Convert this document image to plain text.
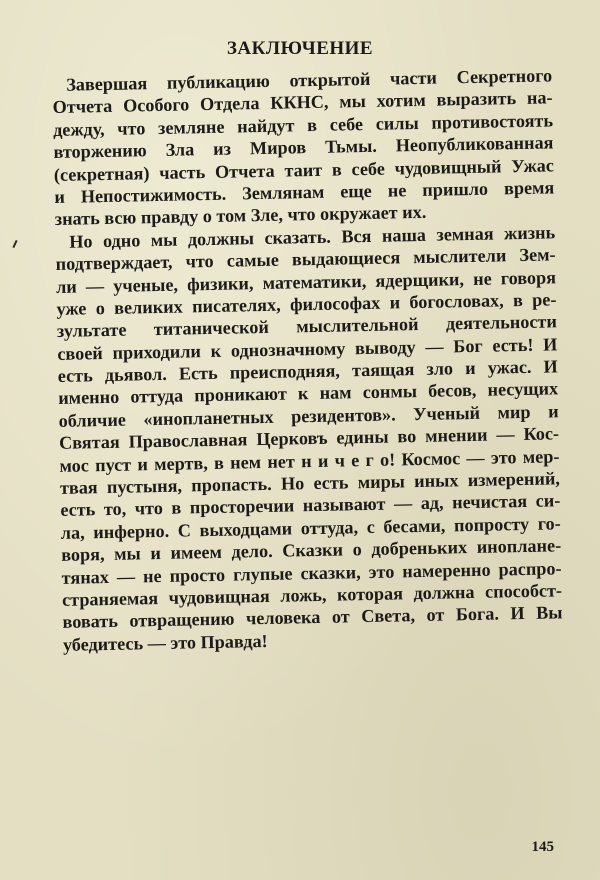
ЗАКЛЮЧЕНИЕ
Завершая публикацию открытой части Секретного
Отчета Особого Отдела ККНС, мы хотим выразить на-
дежду, что земляне найдут в себе силы противостоять
вторжению Зла из Миров Тьмы. Неопубликованная
(секретная) часть Отчета таит в себе чудовищный Ужас
и Непостижимость. Землянам еще не пришло время
знать всю правду о том Зле, что окружает их.
Но одно мы должны сказать. Вся наша земная жизнь
подтверждает, что самые выдающиеся мыслители Зем-
ли — ученые, физики, математики, ядерщики, не говоря
уже о великих писателях, философах и богословах, в ре-
зультате титанической мыслительной деятельности
своей приходили к однозначному выводу — Бог есть! И
есть дьявол. Есть преисподняя, таящая зло и ужас. И
именно оттуда проникают к нам сонмы бесов, несущих
обличие «инопланетных резидентов». Ученый мир и
Святая Православная Церковъ едины во мнении — Кос-
мос пуст и мертв, в нем нет н и ч е г о! Космос — это мер-
твая пустыня, пропасть. Но есть миры иных измерений,
есть то, что в просторечии называют — ад, нечистая си-
ла, инферно. С выходцами оттуда, с бесами, попросту го-
воря, мы и имеем дело. Сказки о добреньких инопланe-
тянах — не просто глупые сказки, это намеренно распро-
страняемая чудовищная ложь, которая должна способст-
вовать отвращению человека от Света, от Бога. И Вы
убедитесь — это Правда!
145
